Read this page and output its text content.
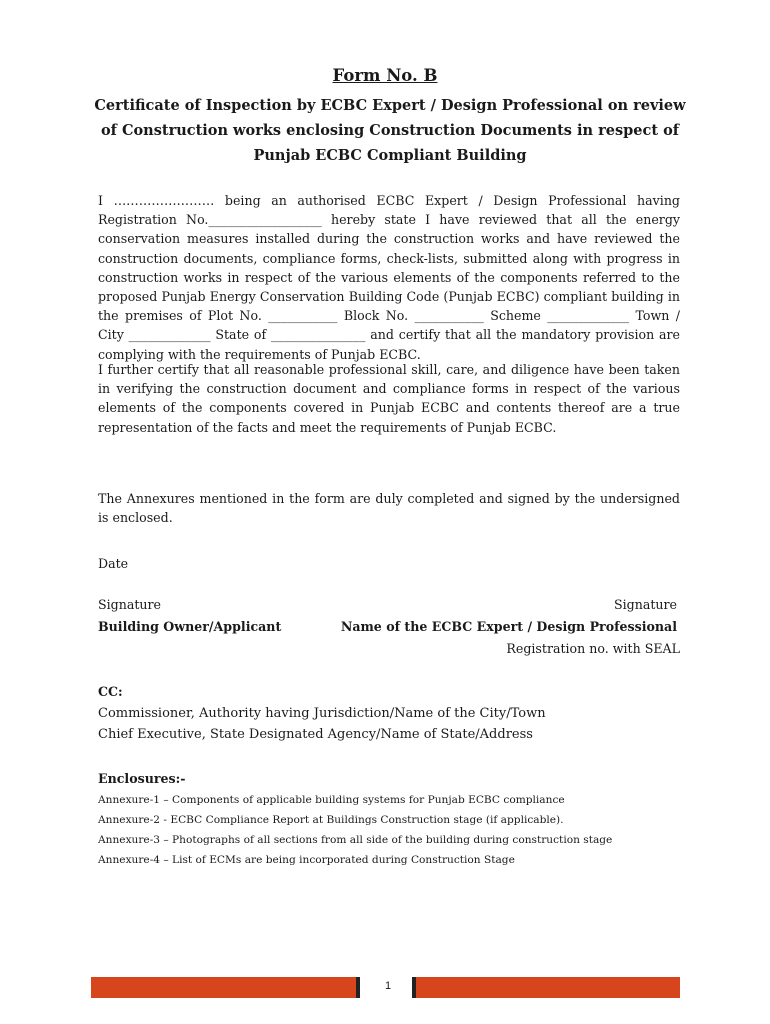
Form No. B
Certificate of Inspection by ECBC Expert / Design Professional on review of Construction works enclosing Construction Documents in respect of Punjab ECBC Compliant Building
I …………………… being an authorised ECBC Expert / Design Professional having Registration No.__________________ hereby state I have reviewed that all the energy conservation measures installed during the construction works and have reviewed the construction documents, compliance forms, check-lists, submitted along with progress in construction works in respect of the various elements of the components referred to the proposed Punjab Energy Conservation Building Code (Punjab ECBC) compliant building in the premises of Plot No. ___________ Block No. ___________ Scheme _____________ Town / City _____________ State of _______________ and certify that all the mandatory provision are complying with the requirements of Punjab ECBC.
I further certify that all reasonable professional skill, care, and diligence have been taken in verifying the construction document and compliance forms in respect of the various elements of the components covered in Punjab ECBC and contents thereof are a true representation of the facts and meet the requirements of Punjab ECBC.
The Annexures mentioned in the form are duly completed and signed by the undersigned is enclosed.
Date
Signature
Building Owner/Applicant
Signature
Name of the ECBC Expert / Design Professional
Registration no. with SEAL
CC:
Commissioner, Authority having Jurisdiction/Name of the City/Town
Chief Executive, State Designated Agency/Name of State/Address
Enclosures:-
Annexure-1 – Components of applicable building systems for Punjab ECBC compliance
Annexure-2 - ECBC Compliance Report at Buildings Construction stage (if applicable).
Annexure-3 – Photographs of all sections from all side of the building during construction stage
Annexure-4 – List of ECMs are being incorporated during Construction Stage
1
